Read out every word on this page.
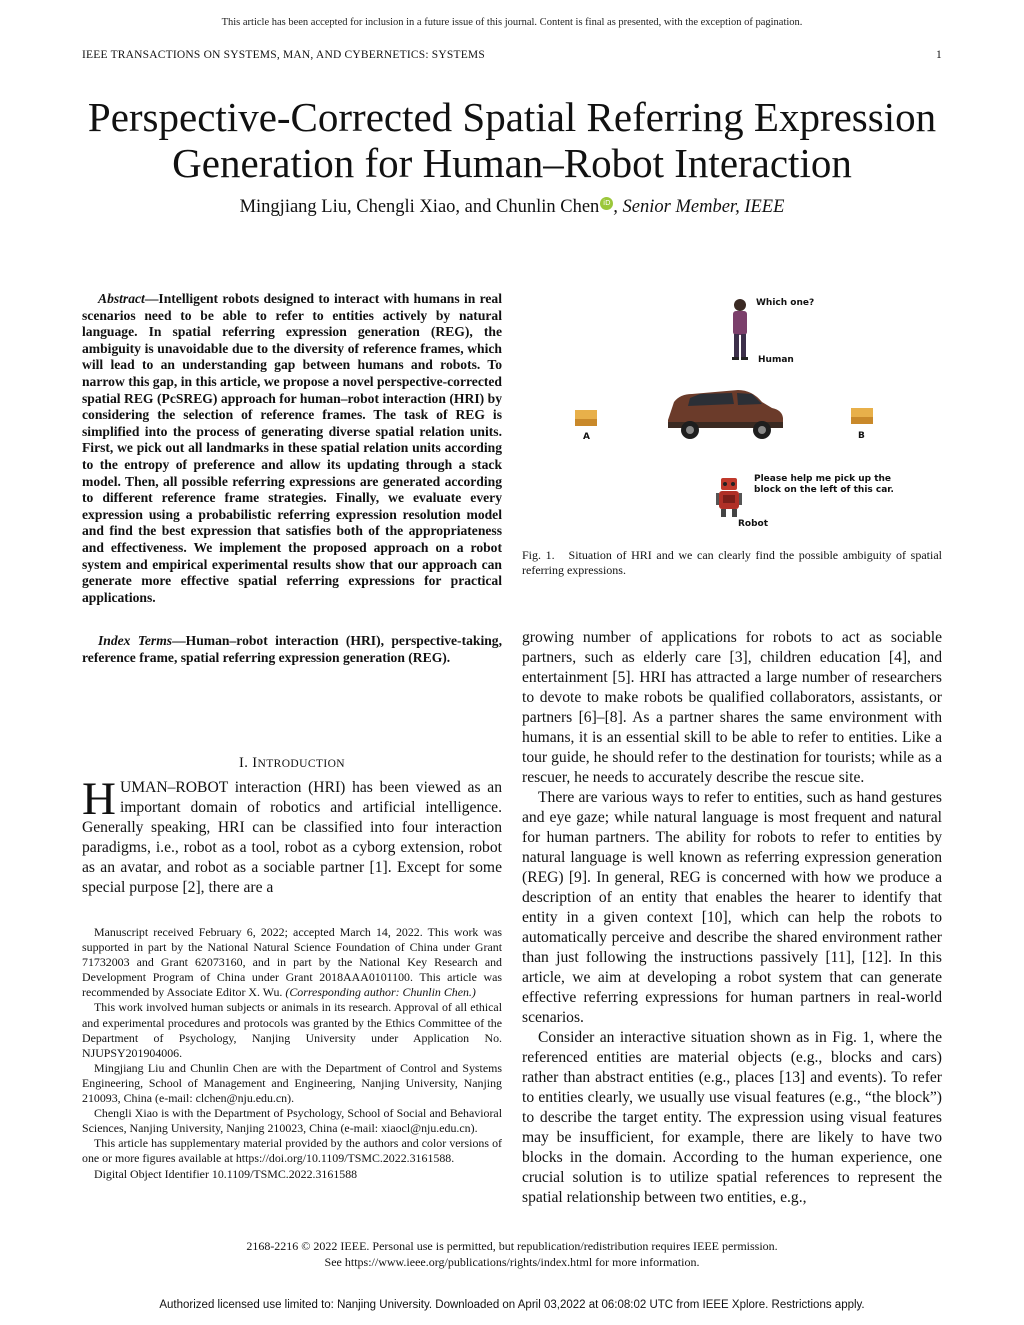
This article has been accepted for inclusion in a future issue of this journal. Content is final as presented, with the exception of pagination.
IEEE TRANSACTIONS ON SYSTEMS, MAN, AND CYBERNETICS: SYSTEMS	1
Perspective-Corrected Spatial Referring Expression
Generation for Human–Robot Interaction
Mingjiang Liu, Chengli Xiao, and Chunlin Chen iD , Senior Member, IEEE
Abstract—Intelligent robots designed to interact with humans in real scenarios need to be able to refer to entities actively by natural language. In spatial referring expression generation (REG), the ambiguity is unavoidable due to the diversity of reference frames, which will lead to an understanding gap between humans and robots. To narrow this gap, in this article, we propose a novel perspective-corrected spatial REG (PcSREG) approach for human–robot interaction (HRI) by considering the selection of reference frames. The task of REG is simplified into the process of generating diverse spatial relation units. First, we pick out all landmarks in these spatial relation units according to the entropy of preference and allow its updating through a stack model. Then, all possible referring expressions are generated according to different reference frame strategies. Finally, we evaluate every expression using a probabilistic referring expression resolution model and find the best expression that satisfies both of the appropriateness and effectiveness. We implement the proposed approach on a robot system and empirical experimental results show that our approach can generate more effective spatial referring expressions for practical applications.
Index Terms—Human–robot interaction (HRI), perspective-taking, reference frame, spatial referring expression generation (REG).
I. INTRODUCTION
HUMAN–ROBOT interaction (HRI) has been viewed as an important domain of robotics and artificial intelligence. Generally speaking, HRI can be classified into four interaction paradigms, i.e., robot as a tool, robot as a cyborg extension, robot as an avatar, and robot as a sociable partner [1]. Except for some special purpose [2], there are a

Manuscript received February 6, 2022; accepted March 14, 2022. This work was supported in part by the National Natural Science Foundation of China under Grant 71732003 and Grant 62073160, and in part by the National Key Research and Development Program of China under Grant 2018AAA0101100. This article was recommended by Associate Editor X. Wu. (Corresponding author: Chunlin Chen.)

This work involved human subjects or animals in its research. Approval of all ethical and experimental procedures and protocols was granted by the Ethics Committee of the Department of Psychology, Nanjing University under Application No. NJUPSY201904006.

Mingjiang Liu and Chunlin Chen are with the Department of Control and Systems Engineering, School of Management and Engineering, Nanjing University, Nanjing 210093, China (e-mail: clchen@nju.edu.cn).

Chengli Xiao is with the Department of Psychology, School of Social and Behavioral Sciences, Nanjing University, Nanjing 210023, China (e-mail: xiaocl@nju.edu.cn).

This article has supplementary material provided by the authors and color versions of one or more figures available at https://doi.org/10.1109/TSMC.2022.3161588.

Digital Object Identifier 10.1109/TSMC.2022.3161588

Which one?
Human
A	B
Please help me pick up the
block on the left of this car.
Robot
Fig. 1. Situation of HRI and we can clearly find the possible ambiguity of spatial referring expressions.

growing number of applications for robots to act as sociable partners, such as elderly care [3], children education [4], and entertainment [5]. HRI has attracted a large number of researchers to devote to make robots be qualified collaborators, assistants, or partners [6]–[8]. As a partner shares the same environment with humans, it is an essential skill to be able to refer to entities. Like a tour guide, he should refer to the destination for tourists; while as a rescuer, he needs to accurately describe the rescue site.

There are various ways to refer to entities, such as hand gestures and eye gaze; while natural language is most frequent and natural for human partners. The ability for robots to refer to entities by natural language is well known as referring expression generation (REG) [9]. In general, REG is concerned with how we produce a description of an entity that enables the hearer to identify that entity in a given context [10], which can help the robots to automatically perceive and describe the shared environment rather than just following the instructions passively [11], [12]. In this article, we aim at developing a robot system that can generate effective referring expressions for human partners in real-world scenarios.

Consider an interactive situation shown as in Fig. 1, where the referenced entities are material objects (e.g., blocks and cars) rather than abstract entities (e.g., places [13] and events). To refer to entities clearly, we usually use visual features (e.g., “the block”) to describe the target entity. The expression using visual features may be insufficient, for example, there are likely to have two blocks in the domain. According to the human experience, one crucial solution is to utilize spatial references to represent the spatial relationship between two entities, e.g.,

2168-2216 © 2022 IEEE. Personal use is permitted, but republication/redistribution requires IEEE permission.
See https://www.ieee.org/publications/rights/index.html for more information.
Authorized licensed use limited to: Nanjing University. Downloaded on April 03,2022 at 06:08:02 UTC from IEEE Xplore. Restrictions apply.
